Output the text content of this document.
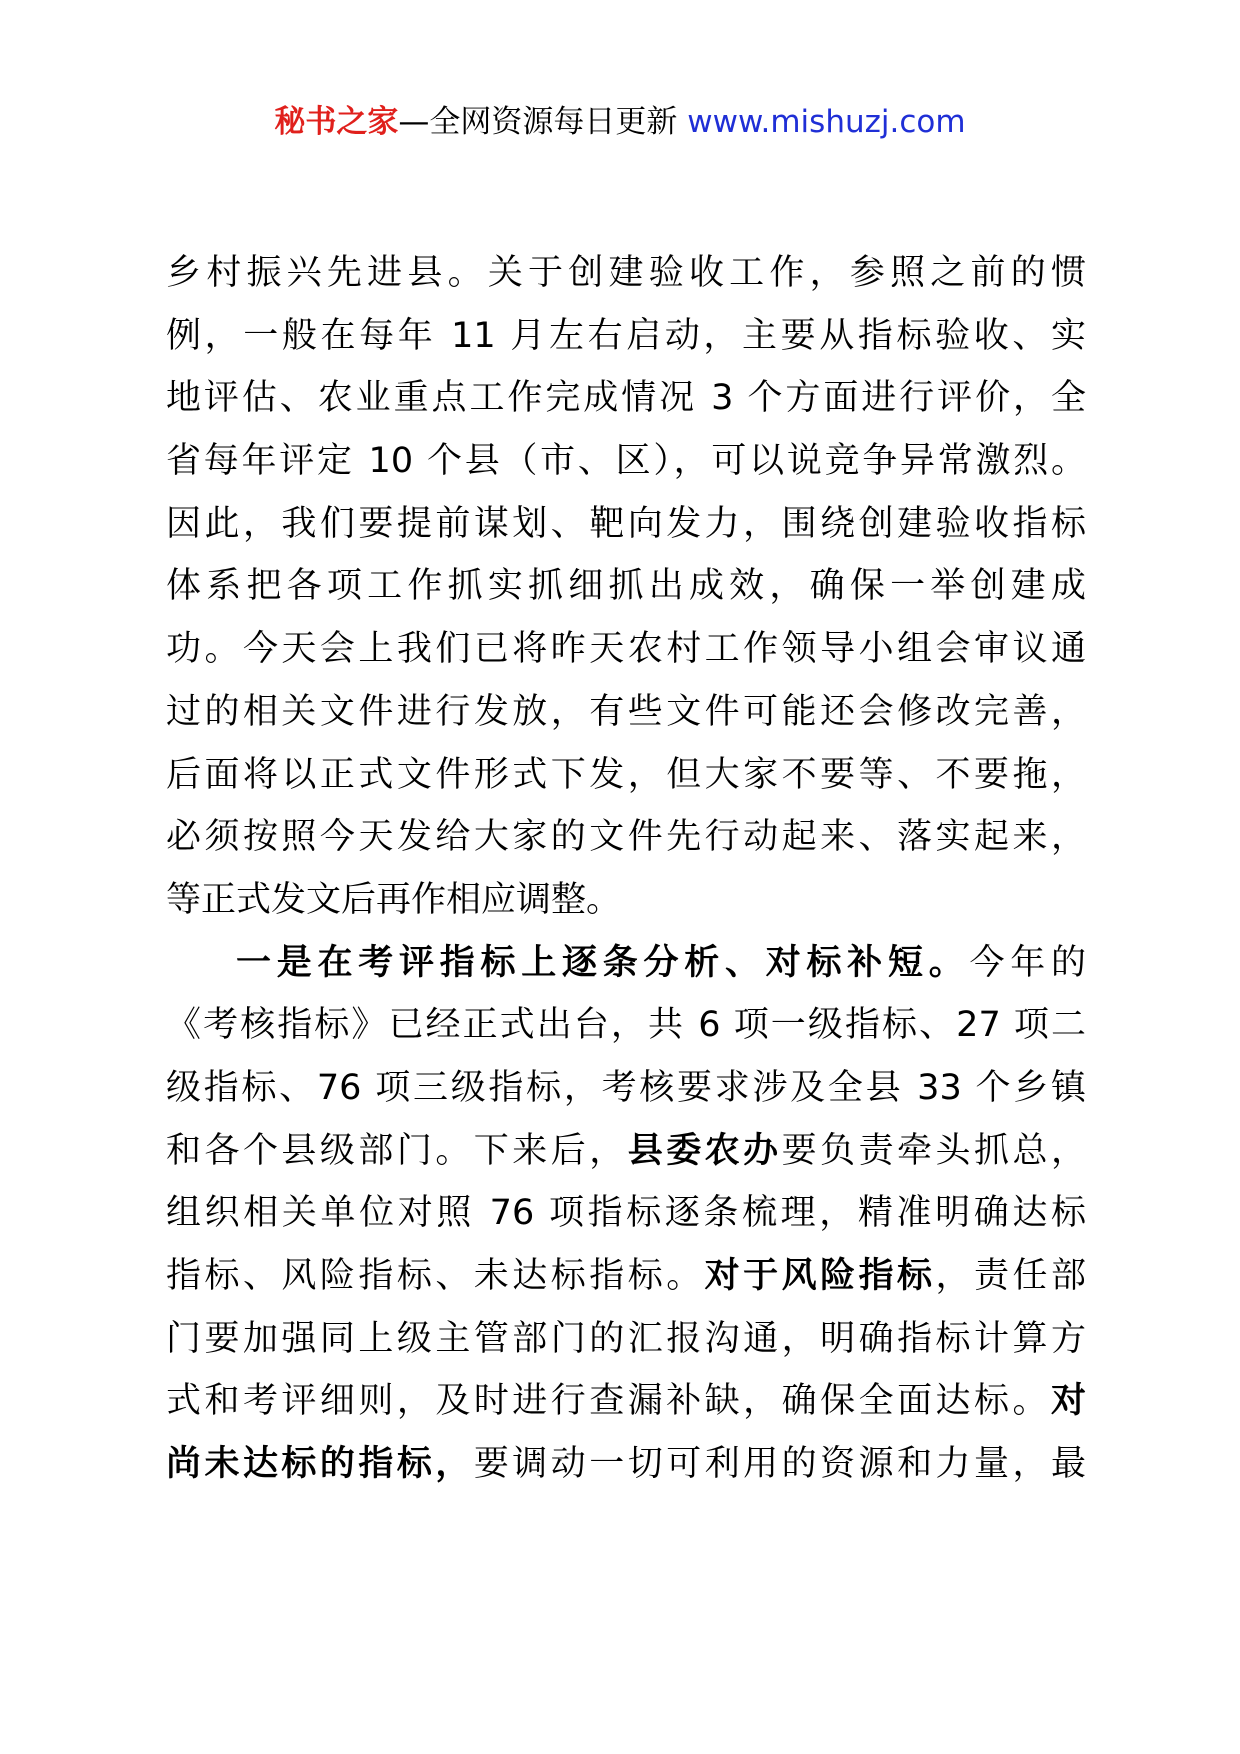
秘书之家—全网资源每日更新 www.mishuzj.com
乡村振兴先进县。关于创建验收工作，参照之前的惯
例，一般在每年 11 月左右启动，主要从指标验收、实
地评估、农业重点工作完成情况 3 个方面进行评价，全
省每年评定 10 个县（市、区），可以说竞争异常激烈。
因此，我们要提前谋划、靶向发力，围绕创建验收指标
体系把各项工作抓实抓细抓出成效，确保一举创建成
功。今天会上我们已将昨天农村工作领导小组会审议通
过的相关文件进行发放，有些文件可能还会修改完善，
后面将以正式文件形式下发，但大家不要等、不要拖，
必须按照今天发给大家的文件先行动起来、落实起来，
等正式发文后再作相应调整。
一是在考评指标上逐条分析、对标补短。今年的
《考核指标》已经正式出台，共 6 项一级指标、27 项二
级指标、76 项三级指标，考核要求涉及全县 33 个乡镇
和各个县级部门。下来后，县委农办要负责牵头抓总，
组织相关单位对照 76 项指标逐条梳理，精准明确达标
指标、风险指标、未达标指标。对于风险指标，责任部
门要加强同上级主管部门的汇报沟通，明确指标计算方
式和考评细则，及时进行查漏补缺，确保全面达标。对
尚未达标的指标，要调动一切可利用的资源和力量，最
